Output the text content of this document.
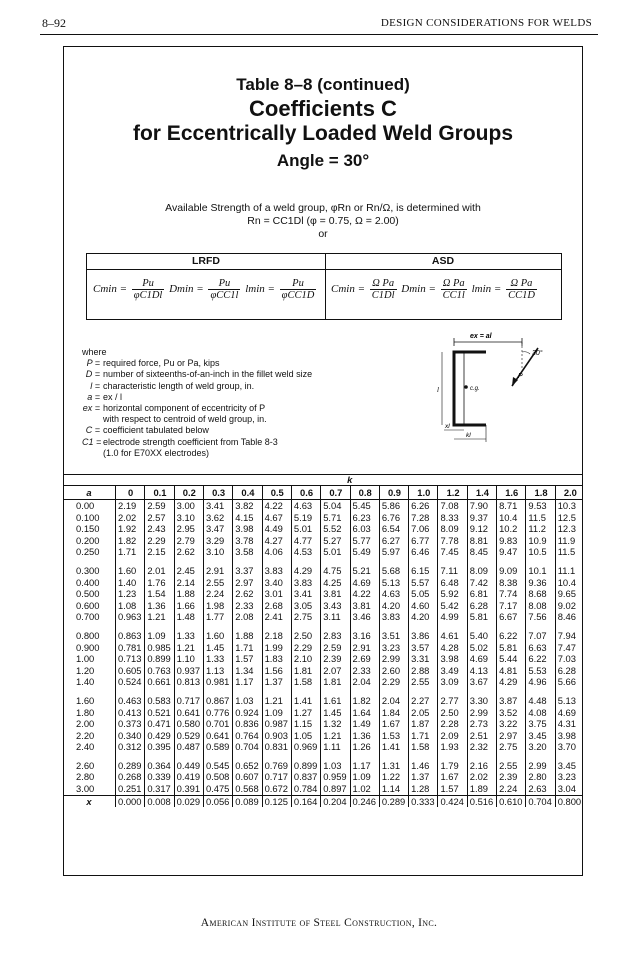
8–92	DESIGN CONSIDERATIONS FOR WELDS
Table 8–8 (continued)
Coefficients C
for Eccentrically Loaded Weld Groups
Angle = 30°
Available Strength of a weld group, φRn or Rn/Ω, is determined with
Rn = CC1Dl (φ = 0.75, Ω = 2.00)
or
LRFD	ASD
$Cmin = \frac{Pu}{\varphi C1Dl}$ $Dmin = \frac{Pu}{\text{φCC1l}}$ $lmin = \frac{Pu}{\text{φCC1D}}$ $Cmin = \frac{\text{Ω Pa}}{C1Dl}$ $Dmin = \frac{\text{Ω Pa}}{CC1l}$ $lmin = \frac{\text{Ω Pa}}{CC1D}$
where
P = required force, Pu or Pa, kips
D = number of sixteenths-of-an-inch in the fillet weld size
l = characteristic length of weld group, in.
a = ex / l
ex = horizontal component of eccentricity of P
with respect to centroid of weld group, in.
C = coefficient tabulated below
C1 = electrode strength coefficient from Table 8-3
(1.0 for E70XX electrodes)
ex = al
c.g.
30°
P
l
xl
kl
	k															
a	0	0.1	0.2	0.3	0.4	0.5	0.6	0.7	0.8	0.9	1.0	1.2	1.4	1.6	1.8	2.0
0.00	2.19	2.59	3.00	3.41	3.82	4.22	4.63	5.04	5.45	5.86	6.26	7.08	7.90	8.71	9.53	10.3
0.100	2.02	2.57	3.10	3.62	4.15	4.67	5.19	5.71	6.23	6.76	7.28	8.33	9.37	10.4	11.5	12.5
0.150	1.92	2.43	2.95	3.47	3.98	4.49	5.01	5.52	6.03	6.54	7.06	8.09	9.12	10.2	11.2	12.3
0.200	1.82	2.29	2.79	3.29	3.78	4.27	4.77	5.27	5.77	6.27	6.77	7.78	8.81	9.83	10.9	11.9
0.250	1.71	2.15	2.62	3.10	3.58	4.06	4.53	5.01	5.49	5.97	6.46	7.45	8.45	9.47	10.5	11.5

0.300	1.60	2.01	2.45	2.91	3.37	3.83	4.29	4.75	5.21	5.68	6.15	7.11	8.09	9.09	10.1	11.1
0.400	1.40	1.76	2.14	2.55	2.97	3.40	3.83	4.25	4.69	5.13	5.57	6.48	7.42	8.38	9.36	10.4
0.500	1.23	1.54	1.88	2.24	2.62	3.01	3.41	3.81	4.22	4.63	5.05	5.92	6.81	7.74	8.68	9.65
0.600	1.08	1.36	1.66	1.98	2.33	2.68	3.05	3.43	3.81	4.20	4.60	5.42	6.28	7.17	8.08	9.02
0.700	0.963	1.21	1.48	1.77	2.08	2.41	2.75	3.11	3.46	3.83	4.20	4.99	5.81	6.67	7.56	8.46

0.800	0.863	1.09	1.33	1.60	1.88	2.18	2.50	2.83	3.16	3.51	3.86	4.61	5.40	6.22	7.07	7.94
0.900	0.781	0.985	1.21	1.45	1.71	1.99	2.29	2.59	2.91	3.23	3.57	4.28	5.02	5.81	6.63	7.47
1.00	0.713	0.899	1.10	1.33	1.57	1.83	2.10	2.39	2.69	2.99	3.31	3.98	4.69	5.44	6.22	7.03
1.20	0.605	0.763	0.937	1.13	1.34	1.56	1.81	2.07	2.33	2.60	2.88	3.49	4.13	4.81	5.53	6.28
1.40	0.524	0.661	0.813	0.981	1.17	1.37	1.58	1.81	2.04	2.29	2.55	3.09	3.67	4.29	4.96	5.66

1.60	0.463	0.583	0.717	0.867	1.03	1.21	1.41	1.61	1.82	2.04	2.27	2.77	3.30	3.87	4.48	5.13
1.80	0.413	0.521	0.641	0.776	0.924	1.09	1.27	1.45	1.64	1.84	2.05	2.50	2.99	3.52	4.08	4.69
2.00	0.373	0.471	0.580	0.701	0.836	0.987	1.15	1.32	1.49	1.67	1.87	2.28	2.73	3.22	3.75	4.31
2.20	0.340	0.429	0.529	0.641	0.764	0.903	1.05	1.21	1.36	1.53	1.71	2.09	2.51	2.97	3.45	3.98
2.40	0.312	0.395	0.487	0.589	0.704	0.831	0.969	1.11	1.26	1.41	1.58	1.93	2.32	2.75	3.20	3.70

2.60	0.289	0.364	0.449	0.545	0.652	0.769	0.899	1.03	1.17	1.31	1.46	1.79	2.16	2.55	2.99	3.45
2.80	0.268	0.339	0.419	0.508	0.607	0.717	0.837	0.959	1.09	1.22	1.37	1.67	2.02	2.39	2.80	3.23
3.00	0.251	0.317	0.391	0.475	0.568	0.672	0.784	0.897	1.02	1.14	1.28	1.57	1.89	2.24	2.63	3.04
x	0.000	0.008	0.029	0.056	0.089	0.125	0.164	0.204	0.246	0.289	0.333	0.424	0.516	0.610	0.704	0.800
American Institute of Steel Construction, Inc.
